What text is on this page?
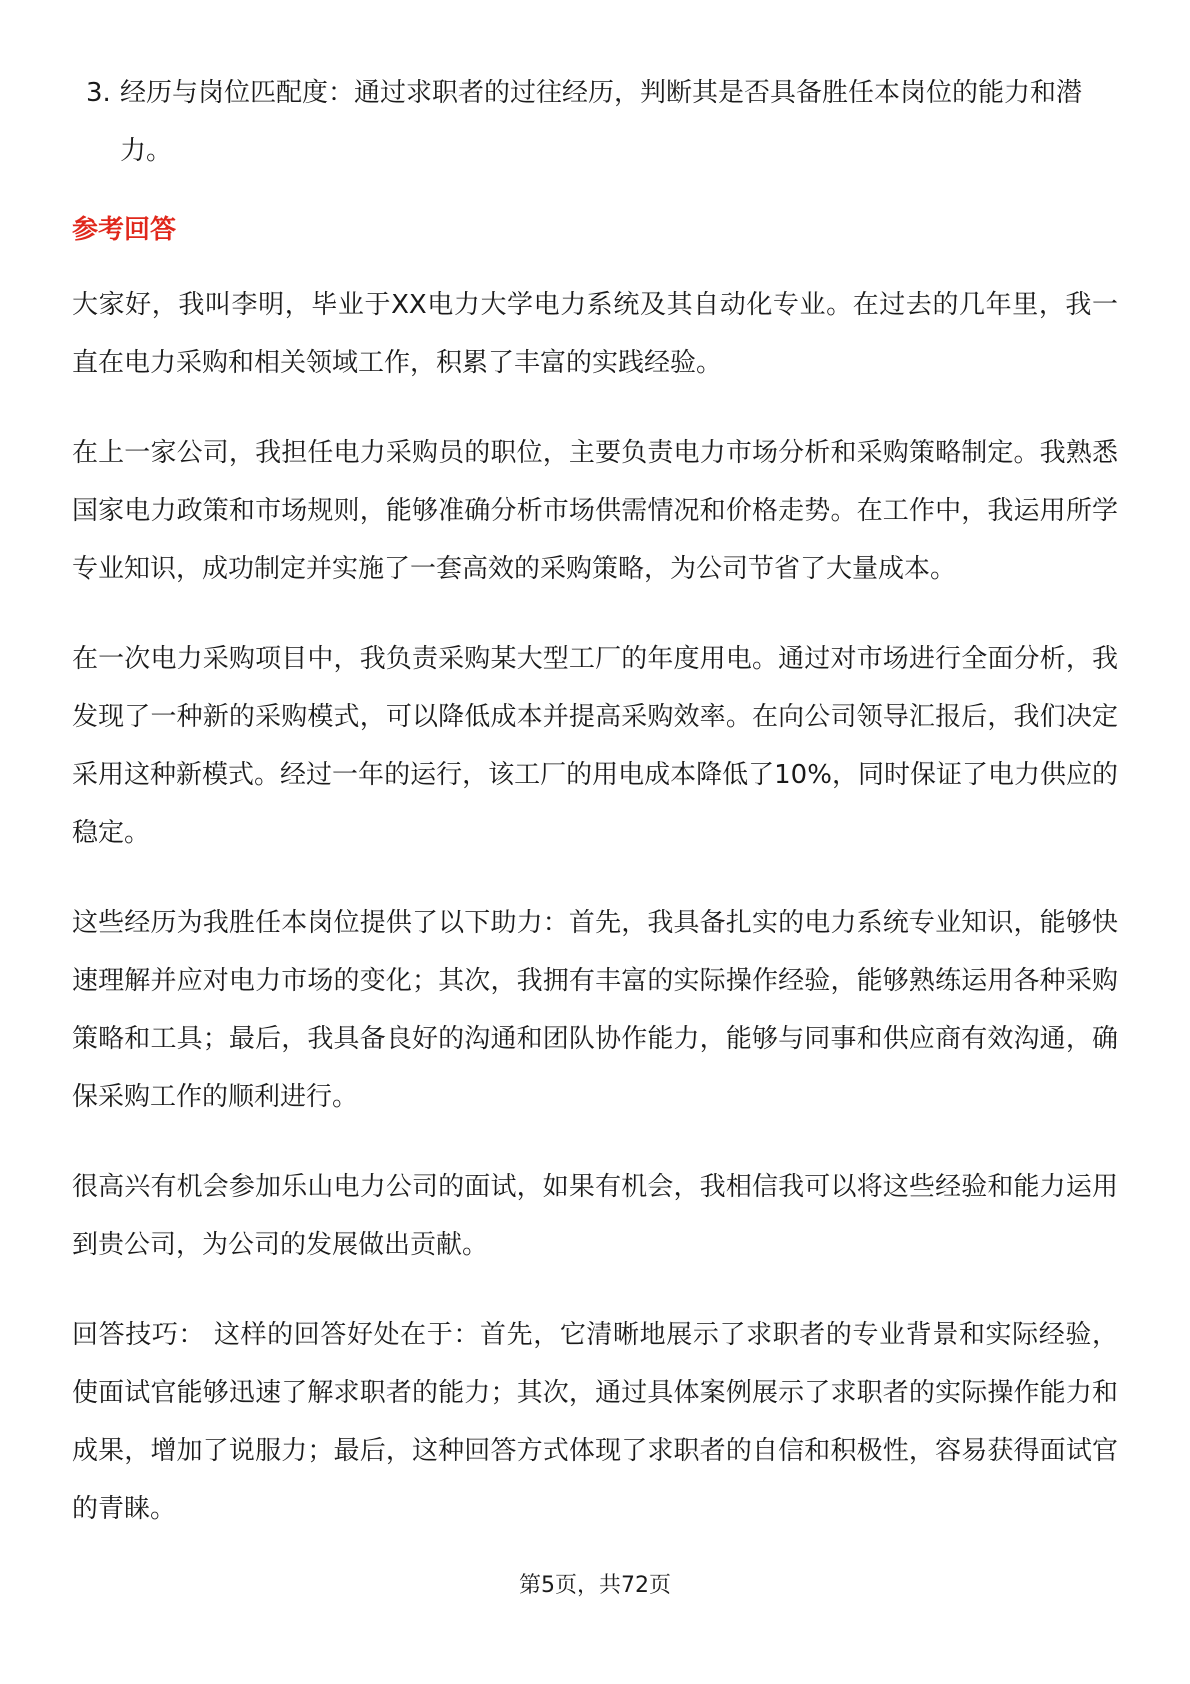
3. 经历与岗位匹配度：通过求职者的过往经历，判断其是否具备胜任本岗位的能力和潜力。
参考回答

大家好，我叫李明，毕业于XX电力大学电力系统及其自动化专业。在过去的几年里，我一直在电力采购和相关领域工作，积累了丰富的实践经验。

在上一家公司，我担任电力采购员的职位，主要负责电力市场分析和采购策略制定。我熟悉国家电力政策和市场规则，能够准确分析市场供需情况和价格走势。在工作中，我运用所学专业知识，成功制定并实施了一套高效的采购策略，为公司节省了大量成本。

在一次电力采购项目中，我负责采购某大型工厂的年度用电。通过对市场进行全面分析，我发现了一种新的采购模式，可以降低成本并提高采购效率。在向公司领导汇报后，我们决定采用这种新模式。经过一年的运行，该工厂的用电成本降低了10%，同时保证了电力供应的稳定。

这些经历为我胜任本岗位提供了以下助力：首先，我具备扎实的电力系统专业知识，能够快速理解并应对电力市场的变化；其次，我拥有丰富的实际操作经验，能够熟练运用各种采购策略和工具；最后，我具备良好的沟通和团队协作能力，能够与同事和供应商有效沟通，确保采购工作的顺利进行。

很高兴有机会参加乐山电力公司的面试，如果有机会，我相信我可以将这些经验和能力运用到贵公司，为公司的发展做出贡献。

回答技巧： 这样的回答好处在于：首先，它清晰地展示了求职者的专业背景和实际经验，使面试官能够迅速了解求职者的能力；其次，通过具体案例展示了求职者的实际操作能力和成果，增加了说服力；最后，这种回答方式体现了求职者的自信和积极性，容易获得面试官的青睐。

第5页，共72页
